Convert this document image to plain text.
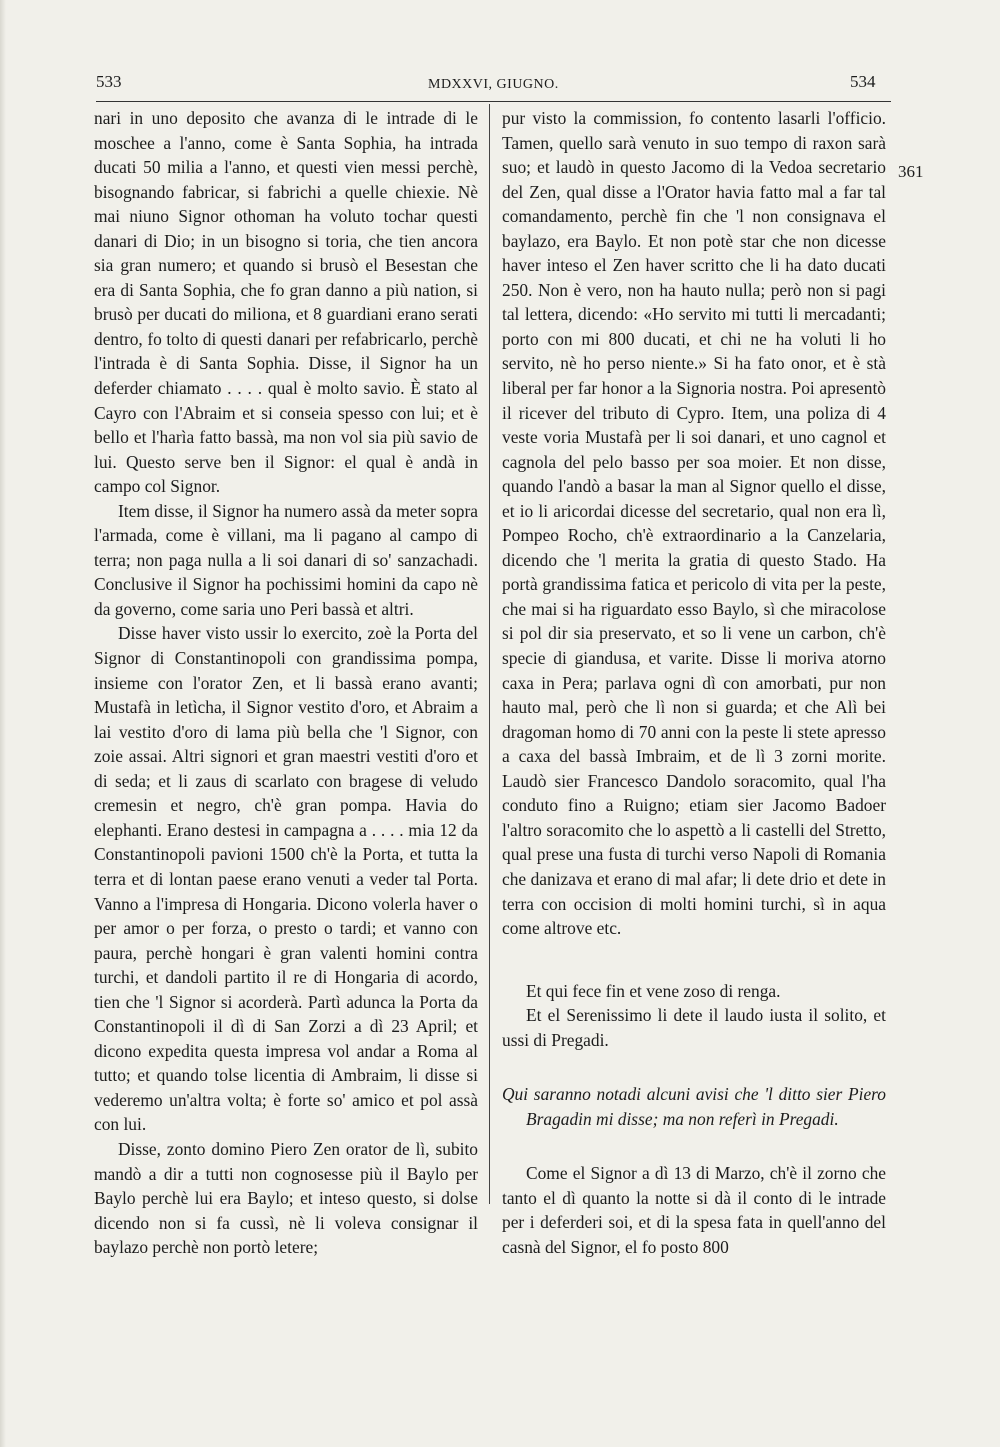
533	MDXXVI, GIUGNO.	534
361

nari in uno deposito che avanza di le intrade di le moschee a l'anno, come è Santa Sophia, ha intrada ducati 50 milia a l'anno, et questi vien messi perchè, bisognando fabricar, si fabrichi a quelle chiexie. Nè mai niuno Signor othoman ha voluto tochar questi danari di Dio; in un bisogno si toria, che tien ancora sia gran numero; et quando si brusò el Besestan che era di Santa Sophia, che fo gran danno a più nation, si brusò per ducati do miliona, et 8 guardiani erano serati dentro, fo tolto di questi danari per refabricarlo, perchè l'intrada è di Santa Sophia. Disse, il Signor ha un deferder chiamato . . . . qual è molto savio. È stato al Cayro con l'Abraim et si conseia spesso con lui; et è bello et l'harìa fatto bassà, ma non vol sia più savio de lui. Questo serve ben il Signor: el qual è andà in campo col Signor.

Item disse, il Signor ha numero assà da meter sopra l'armada, come è villani, ma li pagano al campo di terra; non paga nulla a li soi danari di so' sanzachadi. Conclusive il Signor ha pochissimi homini da capo nè da governo, come saria uno Peri bassà et altri.

Disse haver visto ussir lo exercito, zoè la Porta del Signor di Constantinopoli con grandissima pompa, insieme con l'orator Zen, et li bassà erano avanti; Mustafà in letìcha, il Signor vestito d'oro, et Abraim a lai vestito d'oro di lama più bella che 'l Signor, con zoie assai. Altri signori et gran maestri vestiti d'oro et di seda; et li zaus di scarlato con bragese di veludo cremesin et negro, ch'è gran pompa. Havia do elephanti. Erano destesi in campagna a . . . . mia 12 da Constantinopoli pavioni 1500 ch'è la Porta, et tutta la terra et di lontan paese erano venuti a veder tal Porta. Vanno a l'impresa di Hongaria. Dicono volerla haver o per amor o per forza, o presto o tardi; et vanno con paura, perchè hongari è gran valenti homini contra turchi, et dandoli partito il re di Hongaria di acordo, tien che 'l Signor si acorderà. Partì adunca la Porta da Constantinopoli il dì di San Zorzi a dì 23 April; et dicono expedita questa impresa vol andar a Roma al tutto; et quando tolse licentia di Ambraim, li disse si vederemo un'altra volta; è forte so' amico et pol assà con lui.

Disse, zonto domino Piero Zen orator de lì, subito mandò a dir a tutti non cognosesse più il Baylo per Baylo perchè lui era Baylo; et inteso questo, si dolse dicendo non si fa cussì, nè li voleva consignar il baylazo perchè non portò letere;

pur visto la commission, fo contento lasarli l'officio. Tamen, quello sarà venuto in suo tempo di raxon sarà suo; et laudò in questo Jacomo di la Vedoa secretario del Zen, qual disse a l'Orator havia fatto mal a far tal comandamento, perchè fin che 'l non consignava el baylazo, era Baylo. Et non potè star che non dicesse haver inteso el Zen haver scritto che li ha dato ducati 250. Non è vero, non ha hauto nulla; però non si pagi tal lettera, dicendo: «Ho servito mi tutti li mercadanti; porto con mi 800 ducati, et chi ne ha voluti li ho servito, nè ho perso niente.» Si ha fato onor, et è stà liberal per far honor a la Signoria nostra. Poi apresentò il ricever del tributo di Cypro. Item, una poliza di 4 veste voria Mustafà per li soi danari, et uno cagnol et cagnola del pelo basso per soa moier. Et non disse, quando l'andò a basar la man al Signor quello el disse, et io li aricordai dicesse del secretario, qual non era lì, Pompeo Rocho, ch'è extraordinario a la Canzelaria, dicendo che 'l merita la gratia di questo Stado. Ha portà grandissima fatica et pericolo di vita per la peste, che mai si ha riguardato esso Baylo, sì che miracolose si pol dir sia preservato, et so li vene un carbon, ch'è specie di giandusa, et varite. Disse li moriva atorno caxa in Pera; parlava ogni dì con amorbati, pur non hauto mal, però che lì non si guarda; et che Alì bei dragoman homo di 70 anni con la peste li stete apresso a caxa del bassà Imbraim, et de lì 3 zorni morite. Laudò sier Francesco Dandolo soracomito, qual l'ha conduto fino a Ruigno; etiam sier Jacomo Badoer l'altro soracomito che lo aspettò a li castelli del Stretto, qual prese una fusta di turchi verso Napoli di Romania che danizava et erano di mal afar; li dete drio et dete in terra con occision di molti homini turchi, sì in aqua come altrove etc.

Et qui fece fin et vene zoso di renga.

Et el Serenissimo li dete il laudo iusta il solito, et ussi di Pregadi.

Qui saranno notadi alcuni avisi che 'l ditto sier Piero Bragadin mi disse; ma non referì in Pregadi.

Come el Signor a dì 13 di Marzo, ch'è il zorno che tanto el dì quanto la notte si dà il conto di le intrade per i deferderi soi, et di la spesa fata in quell'anno del casnà del Signor, el fo posto 800
